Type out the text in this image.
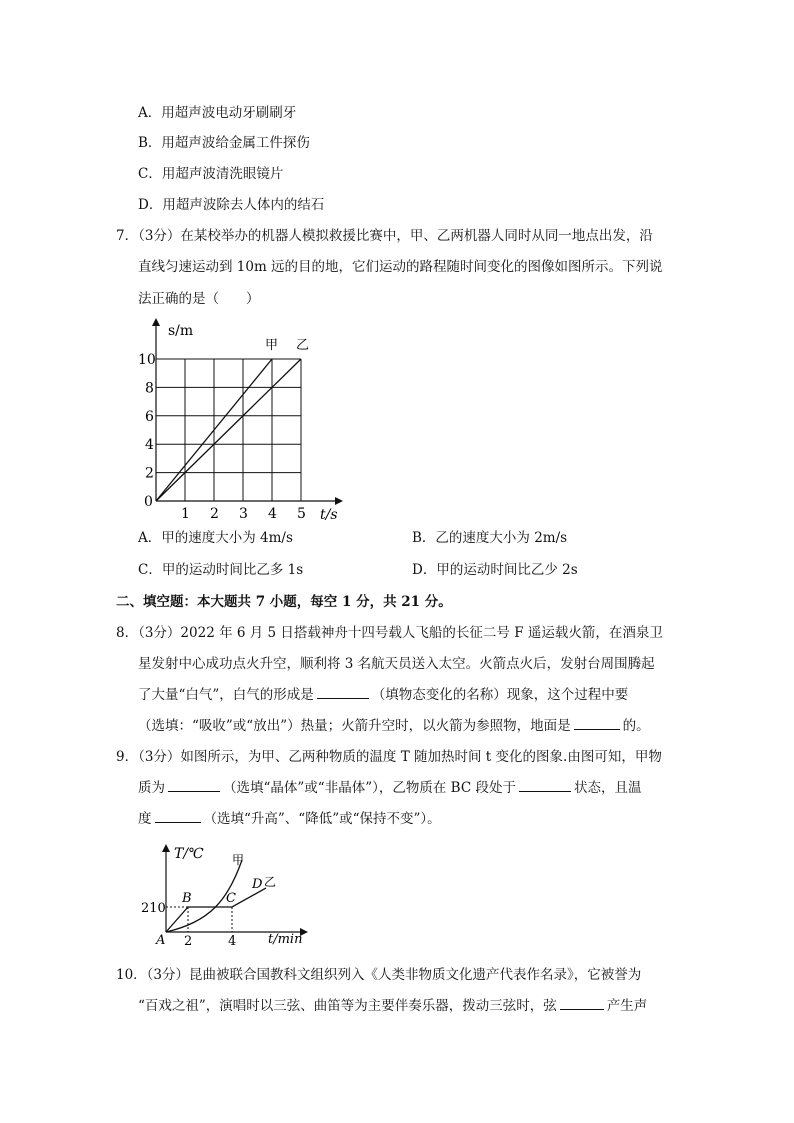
A．用超声波电动牙刷刷牙
B．用超声波给金属工件探伤
C．用超声波清洗眼镜片
D．用超声波除去人体内的结石
7．（3分）在某校举办的机器人模拟救援比赛中，甲、乙两机器人同时从同一地点出发，沿
直线匀速运动到 10m 远的目的地，它们运动的路程随时间变化的图像如图所示。下列说
法正确的是（　　）
0
1 2 3 4 5
2
4
6
8
10
s/m
t/s
甲 乙
A．甲的速度大小为 4m/s	B．乙的速度大小为 2m/s
C．甲的运动时间比乙多 1s	D．甲的运动时间比乙少 2s
二、填空题：本大题共 7 小题，每空 1 分，共 21 分。
8．（3分）2022 年 6 月 5 日搭载神舟十四号载人飞船的长征二号 F 遥运载火箭，在酒泉卫
星发射中心成功点火升空，顺利将 3 名航天员送入太空。火箭点火后，发射台周围腾起
了大量“白气”，白气的形成是	（填物态变化的名称）现象，这个过程中要
（选填：“吸收”或“放出”）热量；火箭升空时，以火箭为参照物，地面是	的。
9．（3分）如图所示，为甲、乙两种物质的温度 T 随加热时间 t 变化的图象.由图可知，甲物
质为	（选填“晶体”或“非晶体”），乙物质在 BC 段处于	状态，且温
度	（选填“升高”、“降低”或“保持不变”）。
T/℃
210
2	4 t/min
A
B	C
D
甲
乙
10．（3分）昆曲被联合国教科文组织列入《人类非物质文化遗产代表作名录》，它被誉为
“百戏之祖”，演唱时以三弦、曲笛等为主要伴奏乐器，拨动三弦时，弦	产生声
